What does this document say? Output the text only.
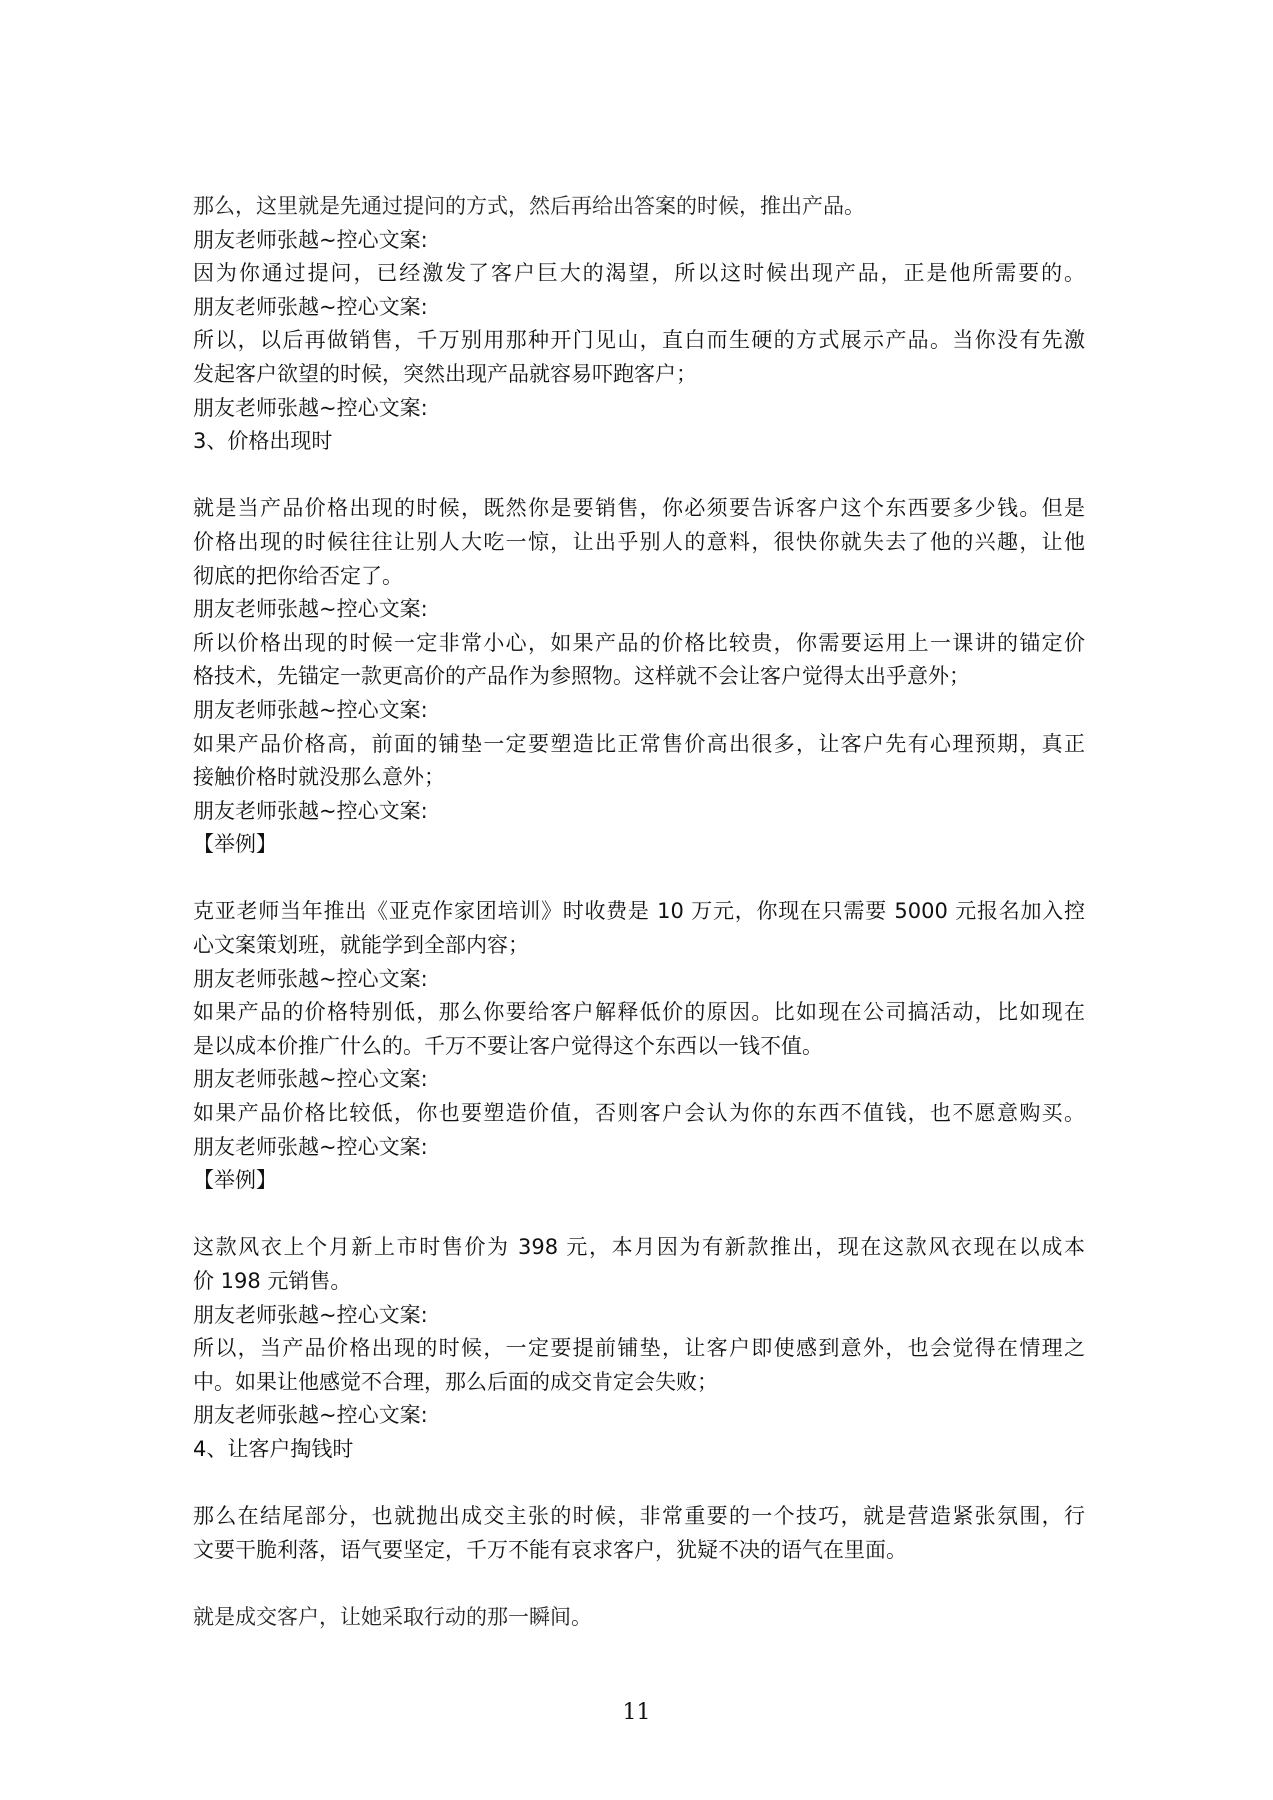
那么，这里就是先通过提问的方式，然后再给出答案的时候，推出产品。
朋友老师张越~控心文案:
因为你通过提问，已经激发了客户巨大的渴望，所以这时候出现产品，正是他所需要的。
朋友老师张越~控心文案:
所以，以后再做销售，千万别用那种开门见山，直白而生硬的方式展示产品。当你没有先激
发起客户欲望的时候，突然出现产品就容易吓跑客户；
朋友老师张越~控心文案:
3、价格出现时
就是当产品价格出现的时候，既然你是要销售，你必须要告诉客户这个东西要多少钱。但是
价格出现的时候往往让别人大吃一惊，让出乎别人的意料，很快你就失去了他的兴趣，让他
彻底的把你给否定了。
朋友老师张越~控心文案:
所以价格出现的时候一定非常小心，如果产品的价格比较贵，你需要运用上一课讲的锚定价
格技术，先锚定一款更高价的产品作为参照物。这样就不会让客户觉得太出乎意外；
朋友老师张越~控心文案:
如果产品价格高，前面的铺垫一定要塑造比正常售价高出很多，让客户先有心理预期，真正
接触价格时就没那么意外；
朋友老师张越~控心文案:
【举例】
克亚老师当年推出《亚克作家团培训》时收费是 10 万元，你现在只需要 5000 元报名加入控
心文案策划班，就能学到全部内容；
朋友老师张越~控心文案:
如果产品的价格特别低，那么你要给客户解释低价的原因。比如现在公司搞活动，比如现在
是以成本价推广什么的。千万不要让客户觉得这个东西以一钱不值。
朋友老师张越~控心文案:
如果产品价格比较低，你也要塑造价值，否则客户会认为你的东西不值钱，也不愿意购买。
朋友老师张越~控心文案:
【举例】
这款风衣上个月新上市时售价为 398 元，本月因为有新款推出，现在这款风衣现在以成本
价 198 元销售。
朋友老师张越~控心文案:
所以，当产品价格出现的时候，一定要提前铺垫，让客户即使感到意外，也会觉得在情理之
中。如果让他感觉不合理，那么后面的成交肯定会失败；
朋友老师张越~控心文案:
4、让客户掏钱时
那么在结尾部分，也就抛出成交主张的时候，非常重要的一个技巧，就是营造紧张氛围，行
文要干脆利落，语气要坚定，千万不能有哀求客户，犹疑不决的语气在里面。
就是成交客户，让她采取行动的那一瞬间。
11
